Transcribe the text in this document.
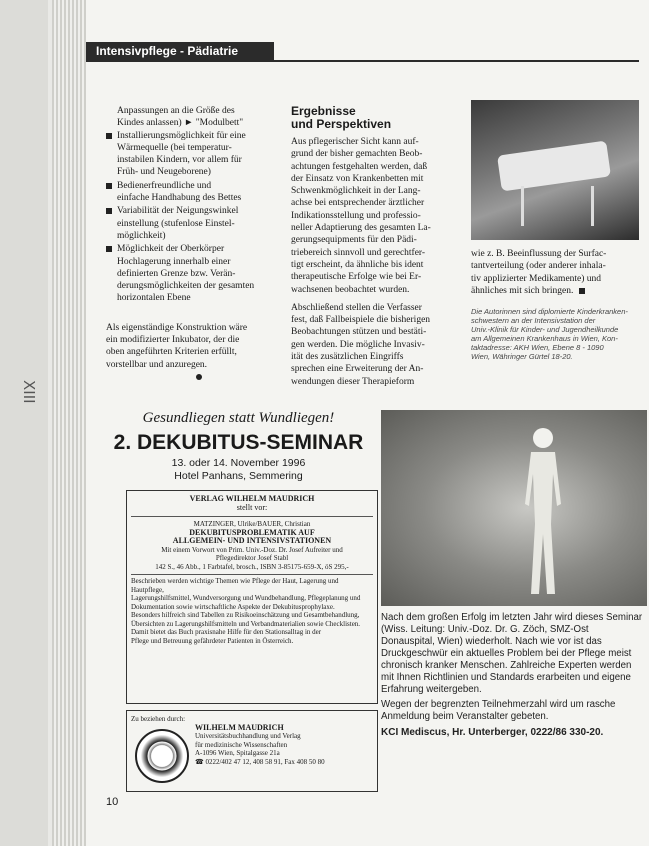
XIII
Intensivpflege - Pädiatrie

Anpassungen an die Größe des

Kindes anlassen) ► "Modulbett"

Installierungsmöglichkeit für eine
Wärmequelle (bei temperatur-
instabilen Kindern, vor allem für
Früh- und Neugeborene)
Bedienerfreundliche und
einfache Handhabung des Bettes
Variabilität der Neigungswinkel
einstellung (stufenlose Einstel-
möglichkeit)
Möglichkeit der Oberkörper
Hochlagerung innerhalb einer
definierten Grenze bzw. Verän-
derungsmöglichkeiten der gesamten
horizontalen Ebene

Als eigenständige Konstruktion wäre
ein modifizierter Inkubator, der die
oben angeführten Kriterien erfüllt,
vorstellbar und anzuregen.

Ergebnisse
und Perspektiven

Aus pflegerischer Sicht kann auf-
grund der bisher gemachten Beob-
achtungen festgehalten werden, daß
der Einsatz von Krankenbetten mit
Schwenkmöglichkeit in der Lang-
achse bei entsprechender ärztlicher
Indikationsstellung und professio-
neller Adaptierung des gesamten La-
gerungsequipments für den Pädi-
triebereich sinnvoll und gerechtfer-
tigt erscheint, da ähnliche bis ident
therapeutische Erfolge wie bei Er-
wachsenen beobachtet wurden.

Abschließend stellen die Verfasser
fest, daß Fallbeispiele die bisherigen
Beobachtungen stützen und bestäti-
gen werden. Die mögliche Invasiv-
ität des zusätzlichen Eingriffs
sprechen eine Erweiterung der An-
wendungen dieser Therapieform

wie z. B. Beeinflussung der Surfac-
tantverteilung (oder anderer inhala-
tiv applizierter Medikamente) und
ähnliches mit sich bringen.

Die Autorinnen sind diplomierte Kinderkranken-
schwestern an der Intensivstation der
Univ.-Klinik für Kinder- und Jugendheilkunde
am Allgemeinen Krankenhaus in Wien, Kon-
taktadresse: AKH Wien, Ebene 8 - 1090
Wien, Währinger Gürtel 18-20.

Gesundliegen statt Wundliegen!
2. DEKUBITUS-SEMINAR
13. oder 14. November 1996
Hotel Panhans, Semmering
VERLAG WILHELM MAUDRICH
stellt vor:
MATZINGER, Ulrike/BAUER, Christian
DEKUBITUSPROBLEMATIK AUF
ALLGEMEIN- UND INTENSIVSTATIONEN
Mit einem Vorwort von Prim. Univ.-Doz. Dr. Josef Aufreiter und
Pflegedirektor Josef Stabl
142 S., 46 Abb., 1 Farbtafel, brosch., ISBN 3-85175-659-X, öS 295,-
Beschrieben werden wichtige Themen wie Pflege der Haut, Lagerung und Hautpflege,
Lagerungshilfsmittel, Wundversorgung und Wundbehandlung, Pflegeplanung und
Dokumentation sowie wirtschaftliche Aspekte der Dekubitusprophylaxe.
Besonders hilfreich sind Tabellen zu Risikoeinschätzung und Gesamtbehandlung,
Übersichten zu Lagerungshilfsmitteln und Verbandmaterialien sowie Checklisten.
Damit bietet das Buch praxisnahe Hilfe für den Stationsalltag in der
Pflege und Betreuung gefährdeter Patienten in Österreich.
Zu beziehen durch:
WILHELM MAUDRICH
Universitätsbuchhandlung und Verlag
für medizinische Wissenschaften
A-1096 Wien, Spitalgasse 21a
☎ 0222/402 47 12, 408 58 91, Fax 408 50 80

Nach dem großen Erfolg im letzten Jahr wird dieses Seminar (Wiss. Leitung: Univ.-Doz. Dr. G. Zöch, SMZ-Ost Donauspital, Wien) wiederholt. Nach wie vor ist das Druckgeschwür ein aktuelles Problem bei der Pflege meist chronisch kranker Menschen. Zahlreiche Experten werden mit Ihnen Richtlinien und Standards erarbeiten und eigene Erfahrung weitergeben.

Wegen der begrenzten Teilnehmerzahl wird um rasche Anmeldung beim Veranstalter gebeten.

KCI Mediscus, Hr. Unterberger, 0222/86 330-20.

10
